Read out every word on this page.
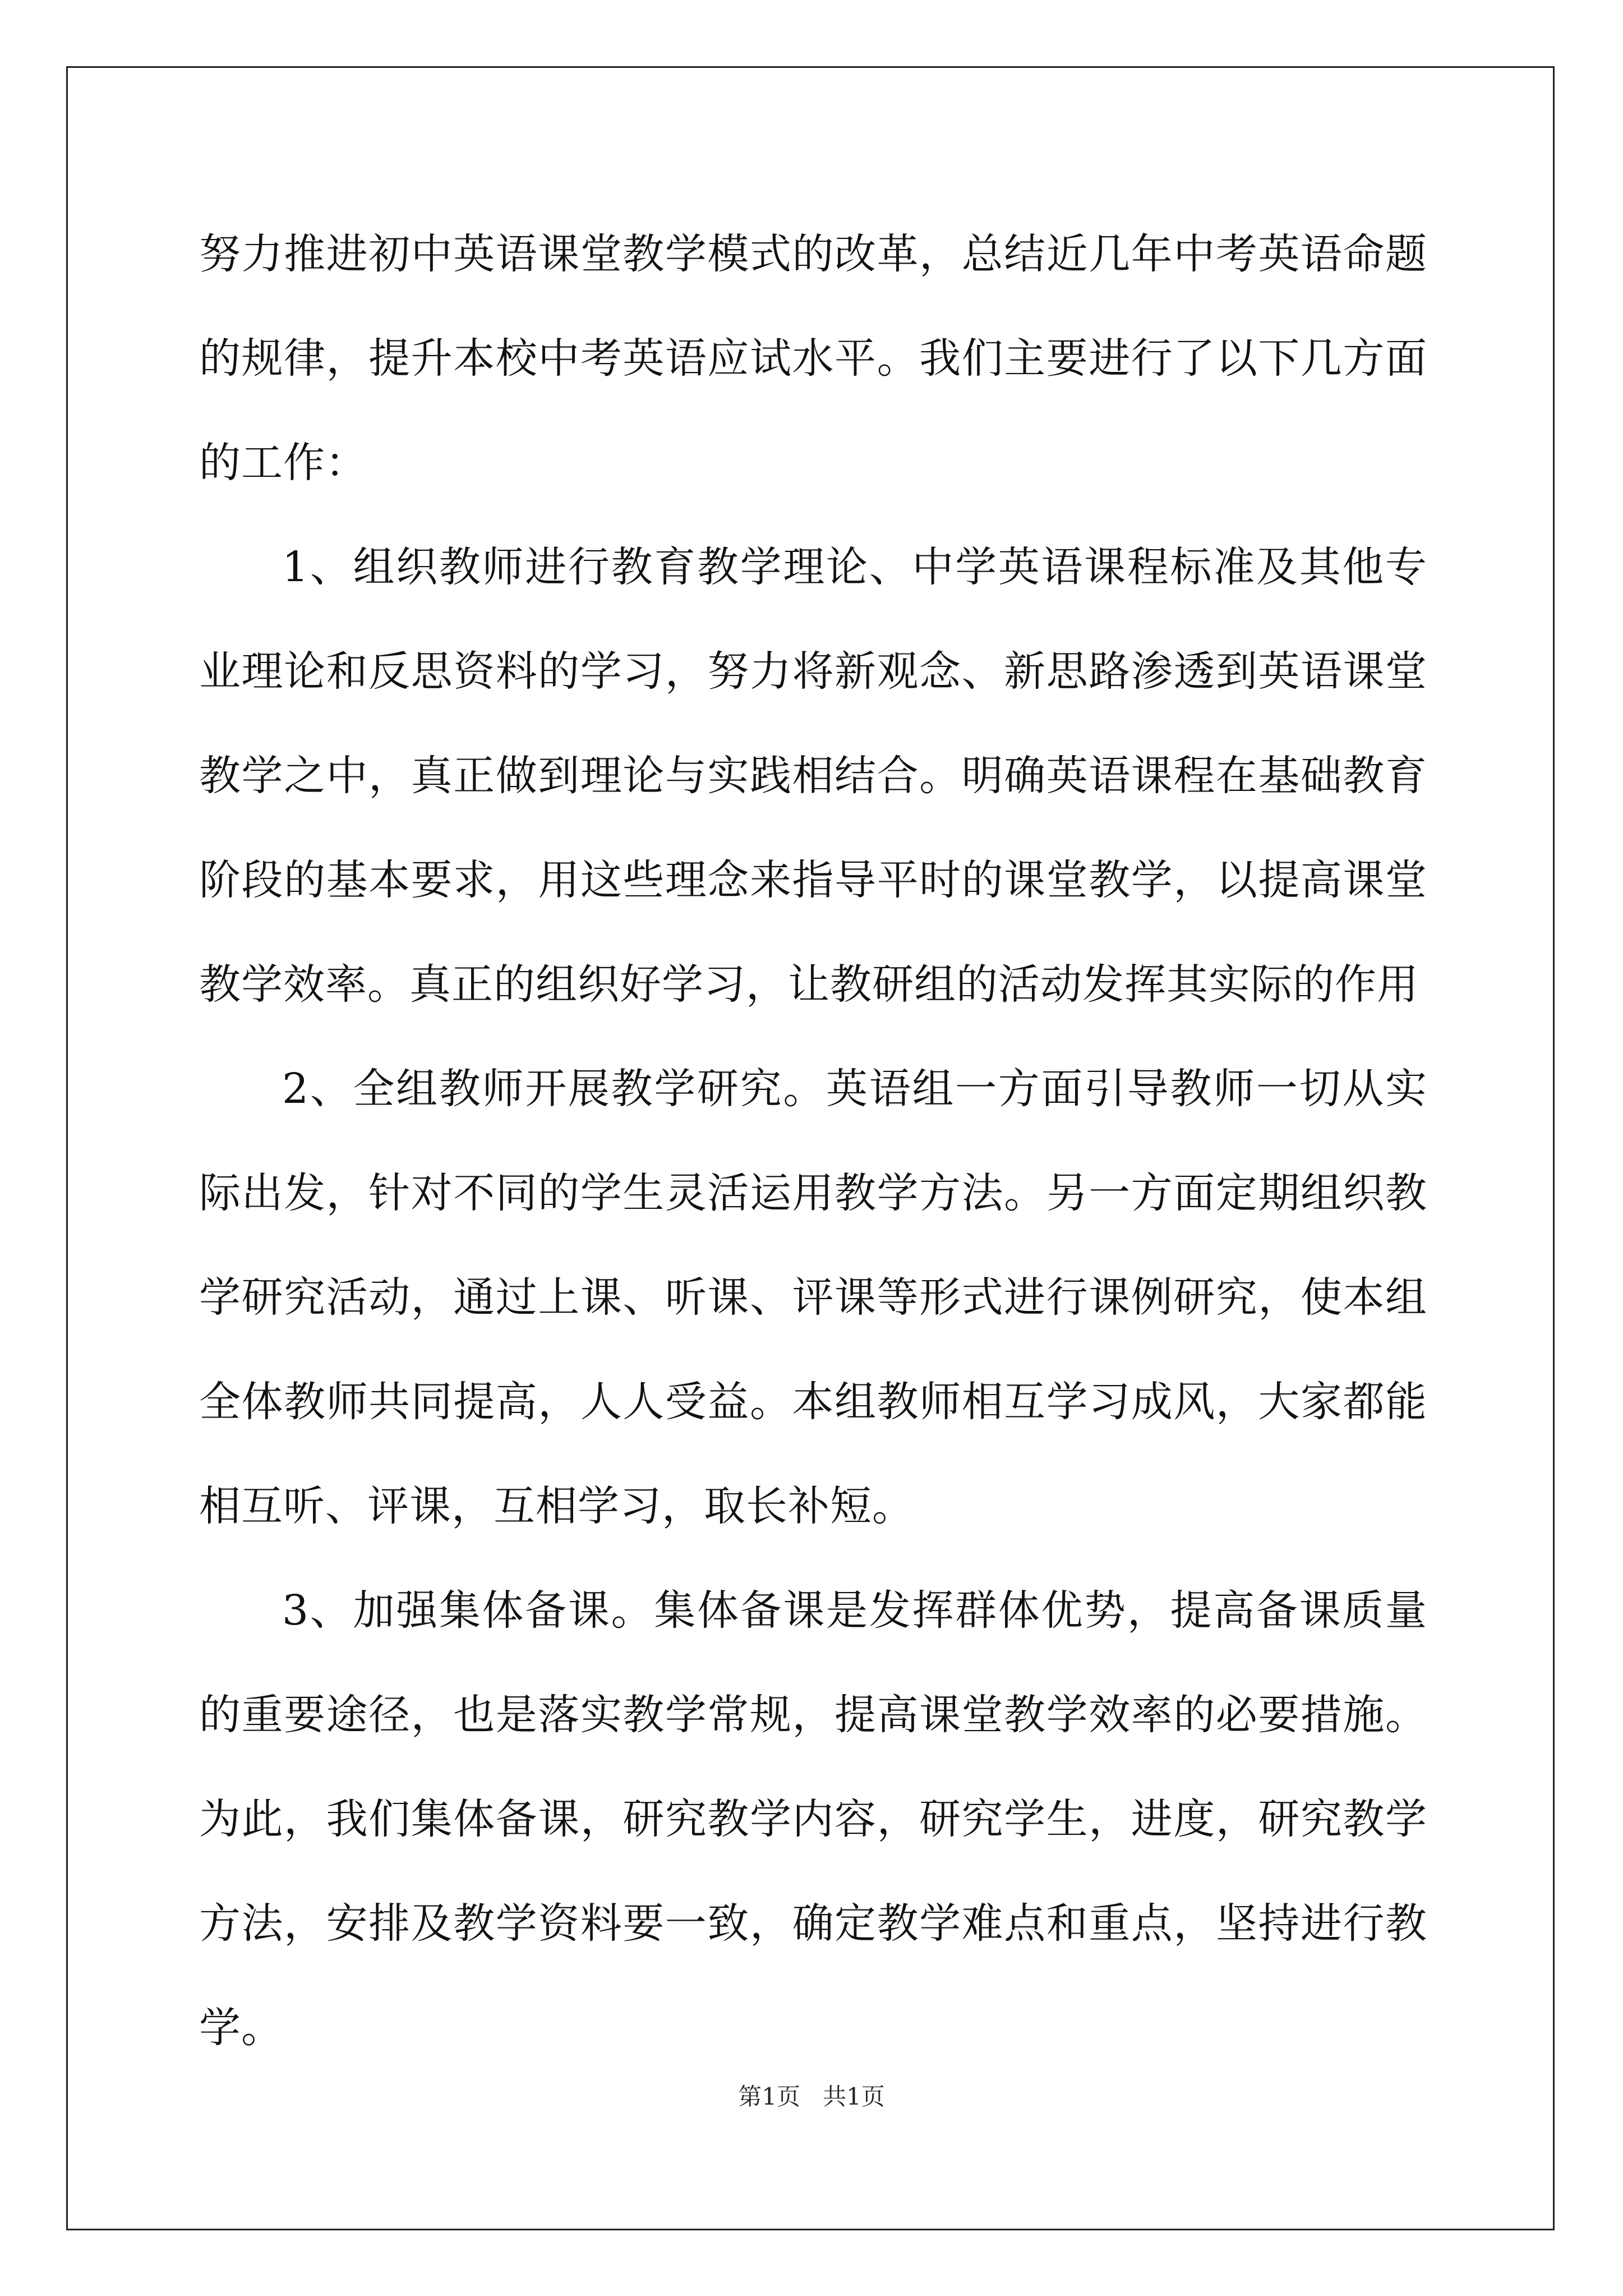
努力推进初中英语课堂教学模式的改革，总结近几年中考英语命题的规律，提升本校中考英语应试水平。我们主要进行了以下几方面的工作：

1、组织教师进行教育教学理论、中学英语课程标准及其他专业理论和反思资料的学习，努力将新观念、新思路渗透到英语课堂教学之中，真正做到理论与实践相结合。明确英语课程在基础教育阶段的基本要求，用这些理念来指导平时的课堂教学，以提高课堂教学效率。真正的组织好学习，让教研组的活动发挥其实际的作用

2、全组教师开展教学研究。英语组一方面引导教师一切从实际出发，针对不同的学生灵活运用教学方法。另一方面定期组织教学研究活动，通过上课、听课、评课等形式进行课例研究，使本组全体教师共同提高，人人受益。本组教师相互学习成风，大家都能相互听、评课，互相学习，取长补短。

3、加强集体备课。集体备课是发挥群体优势，提高备课质量的重要途径，也是落实教学常规，提高课堂教学效率的必要措施。为此，我们集体备课，研究教学内容，研究学生，进度，研究教学方法，安排及教学资料要一致，确定教学难点和重点，坚持进行教学。

第1页 共1页
